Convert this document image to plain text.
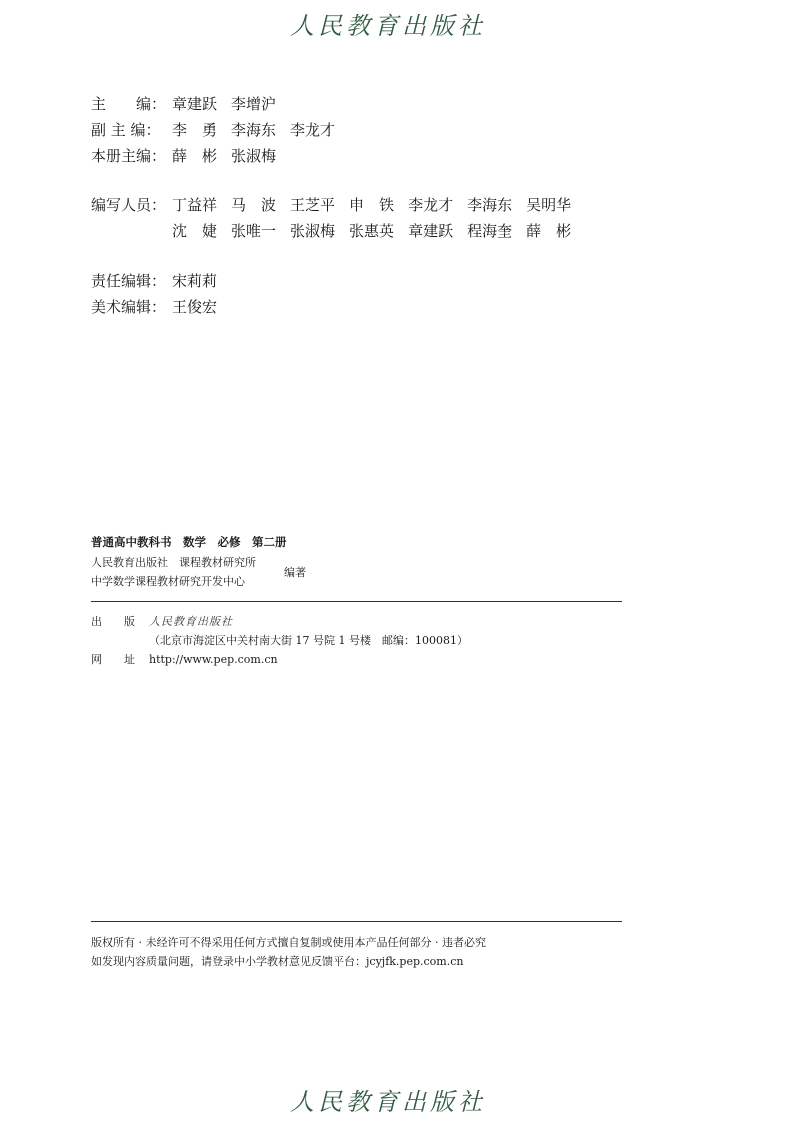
人民教育出版社
主　　编： 章建跃 李增沪
副 主 编： 李　勇 李海东 李龙才
本册主编： 薛　彬 张淑梅
编写人员： 丁益祥 马　波 王芝平 申　铁 李龙才 李海东 吴明华
沈　婕 张唯一 张淑梅 张惠英 章建跃 程海奎 薛　彬
责任编辑： 宋莉莉
美术编辑： 王俊宏
普通高中教科书　数学　必修　第二册
人民教育出版社　课程教材研究所
中学数学课程教材研究开发中心
编著
出　　版	人民教育出版社
（北京市海淀区中关村南大街 17 号院 1 号楼　邮编：100081）
网　　址	http://www.pep.com.cn
版权所有 · 未经许可不得采用任何方式擅自复制或使用本产品任何部分 · 违者必究
如发现内容质量问题，请登录中小学教材意见反馈平台：jcyjfk.pep.com.cn
人民教育出版社
